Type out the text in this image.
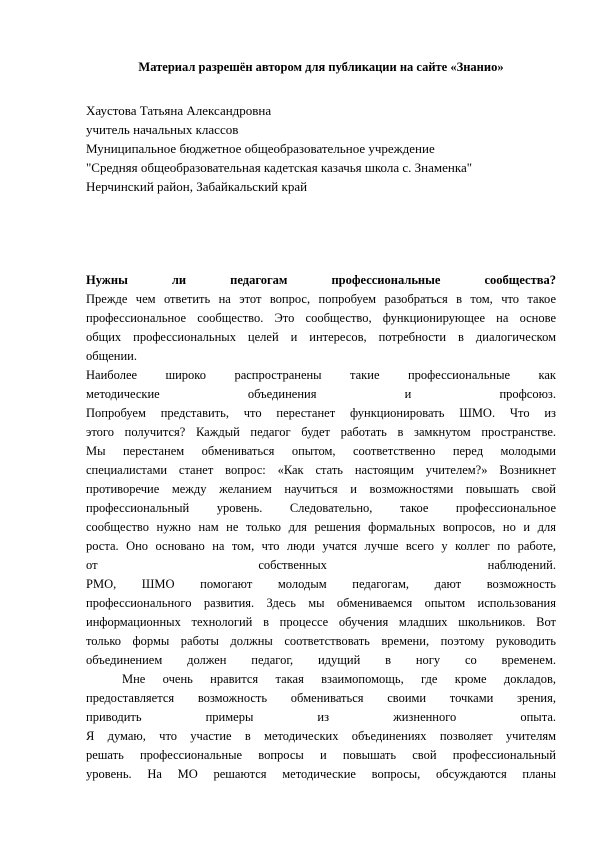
Материал разрешён автором для публикации на сайте «Знанио»
Хаустова Татьяна Александровна
учитель начальных классов
Муниципальное бюджетное общеобразовательное учреждение
"Средняя общеобразовательная кадетская казачья школа с. Знаменка"
Нерчинский район, Забайкальский край
Нужны ли педагогам профессиональные сообщества?
Прежде чем ответить на этот вопрос, попробуем разобраться в том, что такое
профессиональное сообщество. Это сообщество, функционирующее на основе
общих профессиональных целей и интересов, потребности в диалогическом
общении.
Наиболее широко распространены такие профессиональные как
методические объединения и профсоюз.
Попробуем представить, что перестанет функционировать ШМО. Что из
этого получится? Каждый педагог будет работать в замкнутом пространстве.
Мы перестанем обмениваться опытом, соответственно перед молодыми
специалистами станет вопрос: «Как стать настоящим учителем?» Возникнет
противоречие между желанием научиться и возможностями повышать свой
профессиональный уровень. Следовательно, такое профессиональное
сообщество нужно нам не только для решения формальных вопросов, но и для
роста. Оно основано на том, что люди учатся лучше всего у коллег по работе,
от собственных наблюдений.
РМО, ШМО помогают молодым педагогам, дают возможность
профессионального развития. Здесь мы обмениваемся опытом использования
информационных технологий в процессе обучения младших школьников. Вот
только формы работы должны соответствовать времени, поэтому руководить
объединением должен педагог, идущий в ногу со временем.
Мне очень нравится такая взаимопомощь, где кроме докладов,
предоставляется возможность обмениваться своими точками зрения,
приводить примеры из жизненного опыта.
Я думаю, что участие в методических объединениях позволяет учителям
решать профессиональные вопросы и повышать свой профессиональный
уровень. На МО решаются методические вопросы, обсуждаются планы
